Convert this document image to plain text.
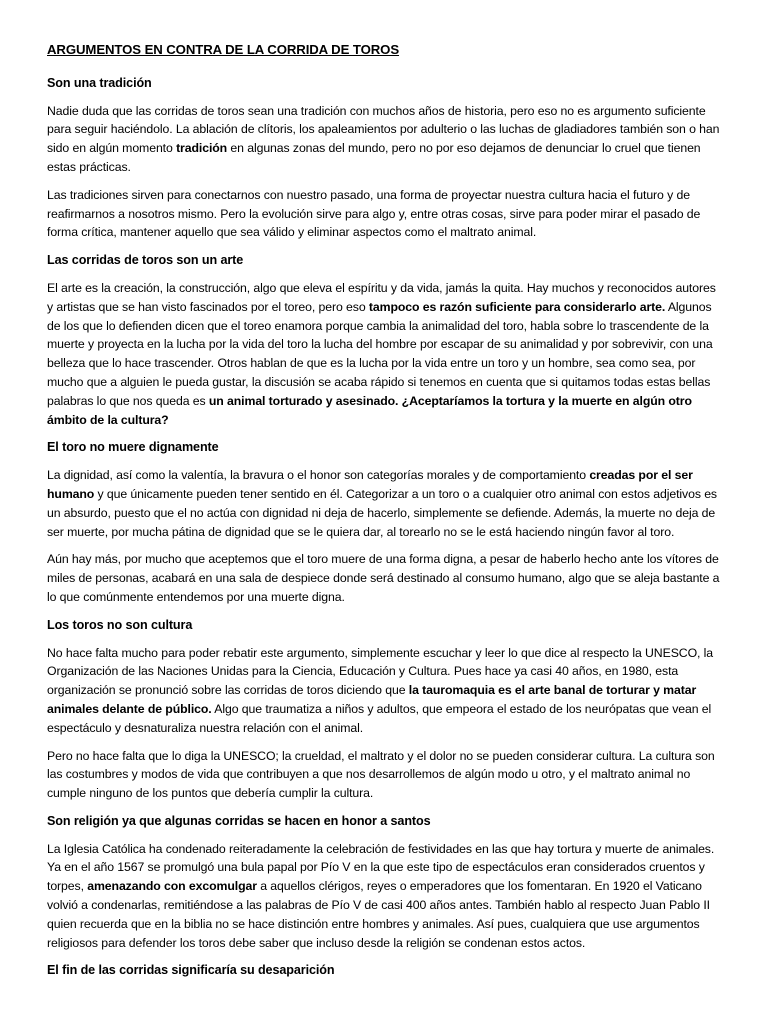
ARGUMENTOS EN CONTRA DE LA CORRIDA DE TOROS
Son una tradición

Nadie duda que las corridas de toros sean una tradición con muchos años de historia, pero eso no es argumento suficiente para seguir haciéndolo. La ablación de clítoris, los apaleamientos por adulterio o las luchas de gladiadores también son o han sido en algún momento tradición en algunas zonas del mundo, pero no por eso dejamos de denunciar lo cruel que tienen estas prácticas.

Las tradiciones sirven para conectarnos con nuestro pasado, una forma de proyectar nuestra cultura hacia el futuro y de reafirmarnos a nosotros mismo. Pero la evolución sirve para algo y, entre otras cosas, sirve para poder mirar el pasado de forma crítica, mantener aquello que sea válido y eliminar aspectos como el maltrato animal.

Las corridas de toros son un arte

El arte es la creación, la construcción, algo que eleva el espíritu y da vida, jamás la quita. Hay muchos y reconocidos autores y artistas que se han visto fascinados por el toreo, pero eso tampoco es razón suficiente para considerarlo arte. Algunos de los que lo defienden dicen que el toreo enamora porque cambia la animalidad del toro, habla sobre lo trascendente de la muerte y proyecta en la lucha por la vida del toro la lucha del hombre por escapar de su animalidad y por sobrevivir, con una belleza que lo hace trascender. Otros hablan de que es la lucha por la vida entre un toro y un hombre, sea como sea, por mucho que a alguien le pueda gustar, la discusión se acaba rápido si tenemos en cuenta que si quitamos todas estas bellas palabras lo que nos queda es un animal torturado y asesinado. ¿Aceptaríamos la tortura y la muerte en algún otro ámbito de la cultura?

El toro no muere dignamente

La dignidad, así como la valentía, la bravura o el honor son categorías morales y de comportamiento creadas por el ser humano y que únicamente pueden tener sentido en él. Categorizar a un toro o a cualquier otro animal con estos adjetivos es un absurdo, puesto que el no actúa con dignidad ni deja de hacerlo, simplemente se defiende. Además, la muerte no deja de ser muerte, por mucha pátina de dignidad que se le quiera dar, al torearlo no se le está haciendo ningún favor al toro.

Aún hay más, por mucho que aceptemos que el toro muere de una forma digna, a pesar de haberlo hecho ante los vítores de miles de personas, acabará en una sala de despiece donde será destinado al consumo humano, algo que se aleja bastante a lo que comúnmente entendemos por una muerte digna.

Los toros no son cultura

No hace falta mucho para poder rebatir este argumento, simplemente escuchar y leer lo que dice al respecto la UNESCO, la Organización de las Naciones Unidas para la Ciencia, Educación y Cultura. Pues hace ya casi 40 años, en 1980, esta organización se pronunció sobre las corridas de toros diciendo que la tauromaquia es el arte banal de torturar y matar animales delante de público. Algo que traumatiza a niños y adultos, que empeora el estado de los neurópatas que vean el espectáculo y desnaturaliza nuestra relación con el animal.

Pero no hace falta que lo diga la UNESCO; la crueldad, el maltrato y el dolor no se pueden considerar cultura. La cultura son las costumbres y modos de vida que contribuyen a que nos desarrollemos de algún modo u otro, y el maltrato animal no cumple ninguno de los puntos que debería cumplir la cultura.

Son religión ya que algunas corridas se hacen en honor a santos

La Iglesia Católica ha condenado reiteradamente la celebración de festividades en las que hay tortura y muerte de animales. Ya en el año 1567 se promulgó una bula papal por Pío V en la que este tipo de espectáculos eran considerados cruentos y torpes, amenazando con excomulgar a aquellos clérigos, reyes o emperadores que los fomentaran. En 1920 el Vaticano volvió a condenarlas, remitiéndose a las palabras de Pío V de casi 400 años antes. También hablo al respecto Juan Pablo II quien recuerda que en la biblia no se hace distinción entre hombres y animales. Así pues, cualquiera que use argumentos religiosos para defender los toros debe saber que incluso desde la religión se condenan estos actos.

El fin de las corridas significaría su desaparición
